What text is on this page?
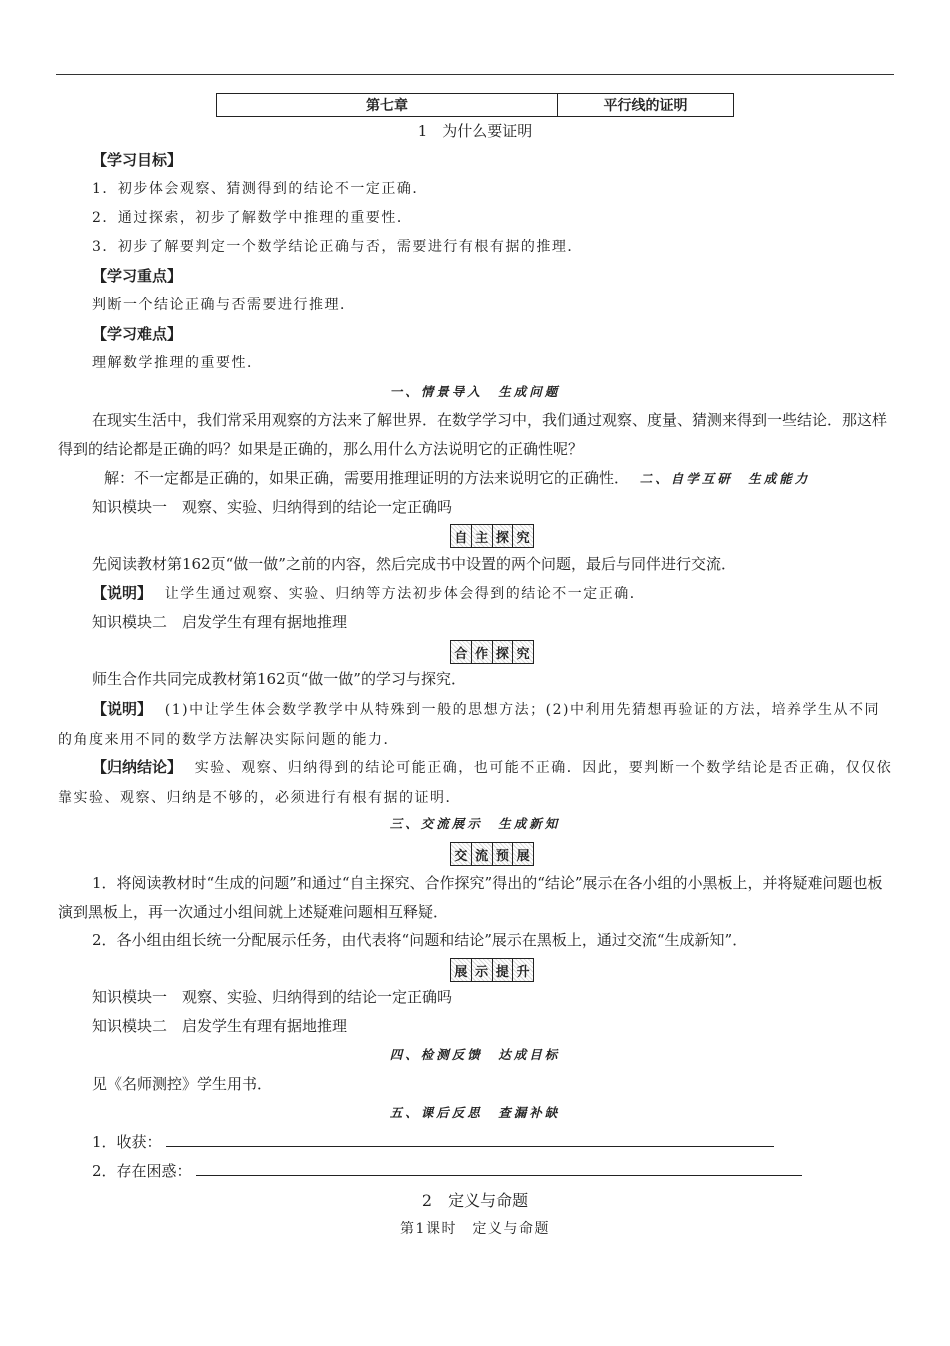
第七章	平行线的证明
1　为什么要证明
【学习目标】
1．初步体会观察、猜测得到的结论不一定正确．
2．通过探索，初步了解数学中推理的重要性．
3．初步了解要判定一个数学结论正确与否，需要进行有根有据的推理．
【学习重点】
判断一个结论正确与否需要进行推理．
【学习难点】
理解数学推理的重要性．
一、情景导入　生成问题
在现实生活中，我们常采用观察的方法来了解世界．在数学学习中，我们通过观察、度量、猜测来得到一些结论．那这样得到的结论都是正确的吗？如果是正确的，那么用什么方法说明它的正确性呢？
解：不一定都是正确的，如果正确，需要用推理证明的方法来说明它的正确性． 二、自学互研　生成能力
知识模块一　观察、实验、归纳得到的结论一定正确吗
自 主 探 究
先阅读教材第162页“做一做”之前的内容，然后完成书中设置的两个问题，最后与同伴进行交流．
【说明】 让学生通过观察、实验、归纳等方法初步体会得到的结论不一定正确．
知识模块二　启发学生有理有据地推理
合 作 探 究
师生合作共同完成教材第162页“做一做”的学习与探究．
【说明】 (1)中让学生体会数学教学中从特殊到一般的思想方法；(2)中利用先猜想再验证的方法，培养学生从不同的角度来用不同的数学方法解决实际问题的能力．
【归纳结论】 实验、观察、归纳得到的结论可能正确，也可能不正确．因此，要判断一个数学结论是否正确，仅仅依靠实验、观察、归纳是不够的，必须进行有根有据的证明．
三、交流展示　生成新知
交 流 预 展
1．将阅读教材时“生成的问题”和通过“自主探究、合作探究”得出的“结论”展示在各小组的小黑板上，并将疑难问题也板演到黑板上，再一次通过小组间就上述疑难问题相互释疑．
2．各小组由组长统一分配展示任务，由代表将“问题和结论”展示在黑板上，通过交流“生成新知”．
展 示 提 升
知识模块一　观察、实验、归纳得到的结论一定正确吗
知识模块二　启发学生有理有据地推理
四、检测反馈　达成目标
见《名师测控》学生用书．
五、课后反思　查漏补缺
1．收获：
2．存在困惑：
2　定义与命题
第1课时　定义与命题
